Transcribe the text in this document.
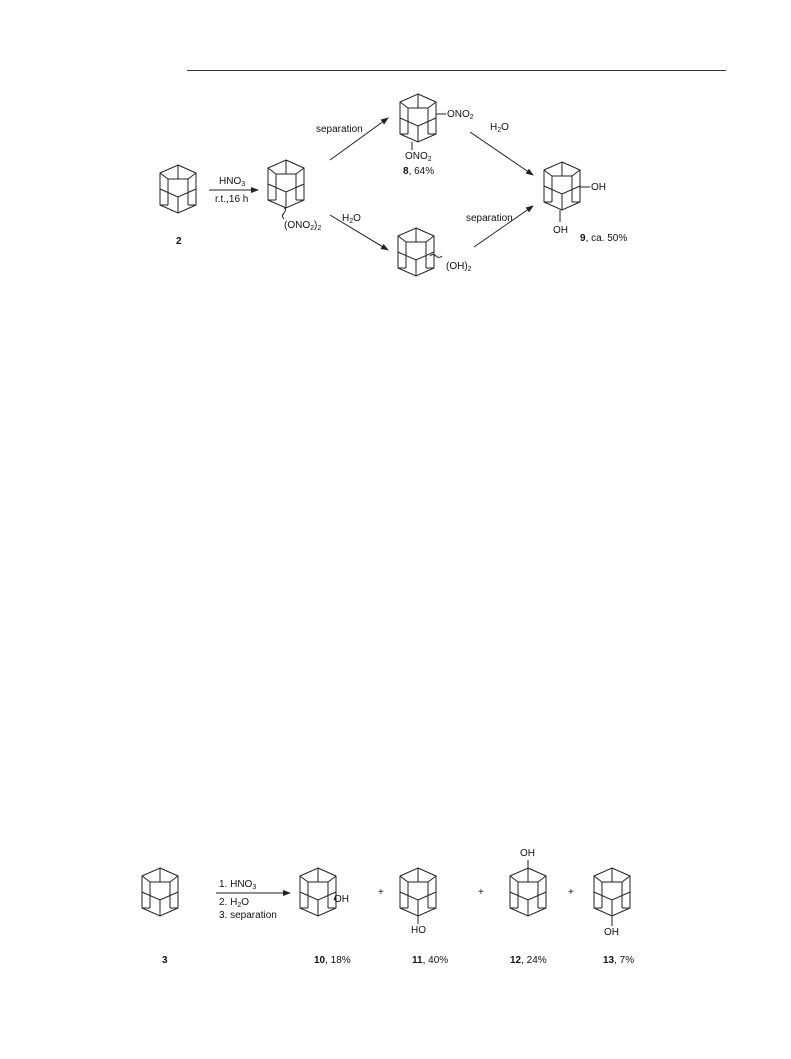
$HNO_3$
r.t.,16 h
separation	$H_2O$
$H_2O$	separation
2
$(ONO_2)_2$
$ONO_2$
$ONO_2$
8, 64%
$(OH)_2$
OH
OH
9, ca. 50%
1. $HNO_3$
2. $H_2O$
3. separation
+	+	+
OH
HO
OH
OH
3	10, 18%	11, 40%	12, 24%	13, 7%
